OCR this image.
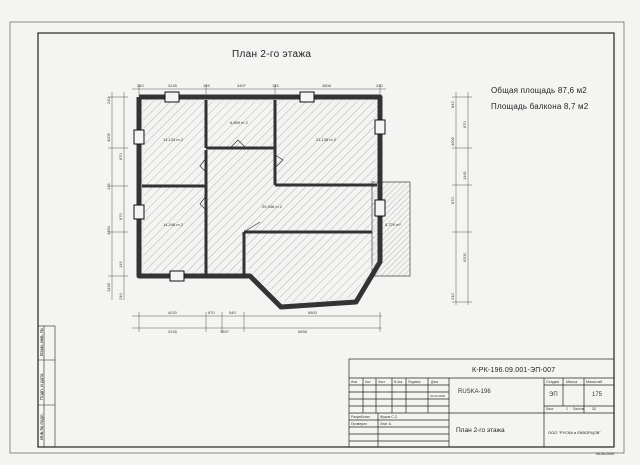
План 2-го этажа
Общая площадь 87,6 м2
Площадь балкона 8,7 м2
14,133 m 2
6,899 m 2
21,138 m 2
14,248 m 2
29,346 m 2
8,720 m²
240	3245	145	3497	145	4808	240
4020	870	540	6800
3245	1657	6658
240
4005
870
145
870
4360
145
1458
240
842
870
4005
1461
870
6200
240
К-РК-196.09.001-ЭП-007
RUSKA-196
План 2-го этажа
Стадия Масса Масштаб
ЭП	175
Лист	1 Листов 32
ООО "РУСКА и ЕКВОРЦОВ"
Изм	Кол Лист	N dок Подпись	Дата
01.03.2009
Разработал	Жуков С.С.
Проверил	Злат А.
06-06-2009
Инв.№ подл.
Подп. и дата
Взам. инв. №
